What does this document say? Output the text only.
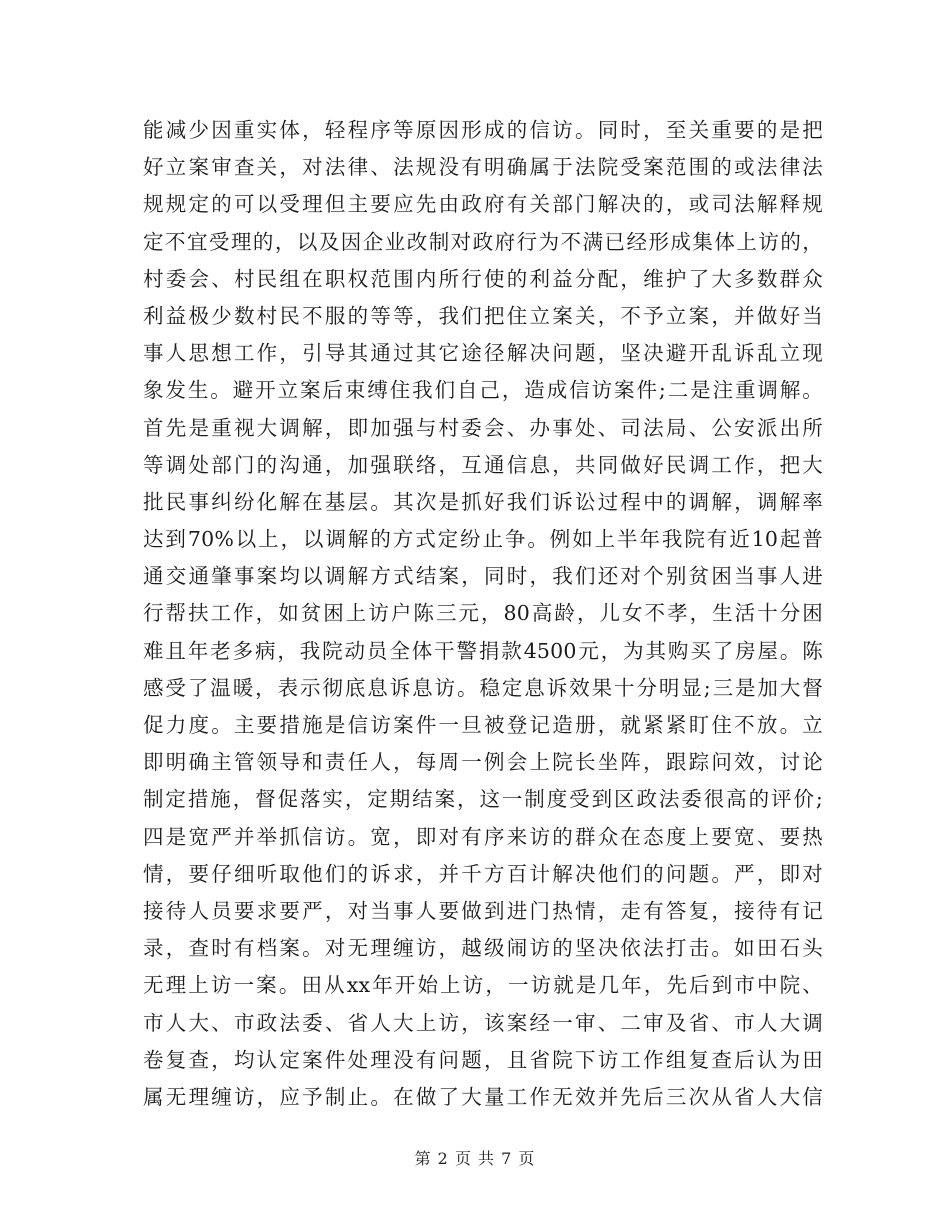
能减少因重实体，轻程序等原因形成的信访。同时，至关重要的是把
好立案审查关，对法律、法规没有明确属于法院受案范围的或法律法
规规定的可以受理但主要应先由政府有关部门解决的，或司法解释规
定不宜受理的，以及因企业改制对政府行为不满已经形成集体上访的，
村委会、村民组在职权范围内所行使的利益分配，维护了大多数群众
利益极少数村民不服的等等，我们把住立案关，不予立案，并做好当
事人思想工作，引导其通过其它途径解决问题，坚决避开乱诉乱立现
象发生。避开立案后束缚住我们自己，造成信访案件;二是注重调解。
首先是重视大调解，即加强与村委会、办事处、司法局、公安派出所
等调处部门的沟通，加强联络，互通信息，共同做好民调工作，把大
批民事纠纷化解在基层。其次是抓好我们诉讼过程中的调解，调解率
达到70%以上，以调解的方式定纷止争。例如上半年我院有近10起普
通交通肇事案均以调解方式结案，同时，我们还对个别贫困当事人进
行帮扶工作，如贫困上访户陈三元，80高龄，儿女不孝，生活十分困
难且年老多病，我院动员全体干警捐款4500元，为其购买了房屋。陈
感受了温暖，表示彻底息诉息访。稳定息诉效果十分明显;三是加大督
促力度。主要措施是信访案件一旦被登记造册，就紧紧盯住不放。立
即明确主管领导和责任人，每周一例会上院长坐阵，跟踪问效，讨论
制定措施，督促落实，定期结案，这一制度受到区政法委很高的评价;
四是宽严并举抓信访。宽，即对有序来访的群众在态度上要宽、要热
情，要仔细听取他们的诉求，并千方百计解决他们的问题。严，即对
接待人员要求要严，对当事人要做到进门热情，走有答复，接待有记
录，查时有档案。对无理缠访，越级闹访的坚决依法打击。如田石头
无理上访一案。田从xx年开始上访，一访就是几年，先后到市中院、
市人大、市政法委、省人大上访，该案经一审、二审及省、市人大调
卷复查，均认定案件处理没有问题，且省院下访工作组复查后认为田
属无理缠访，应予制止。在做了大量工作无效并先后三次从省人大信
第 2 页 共 7 页
